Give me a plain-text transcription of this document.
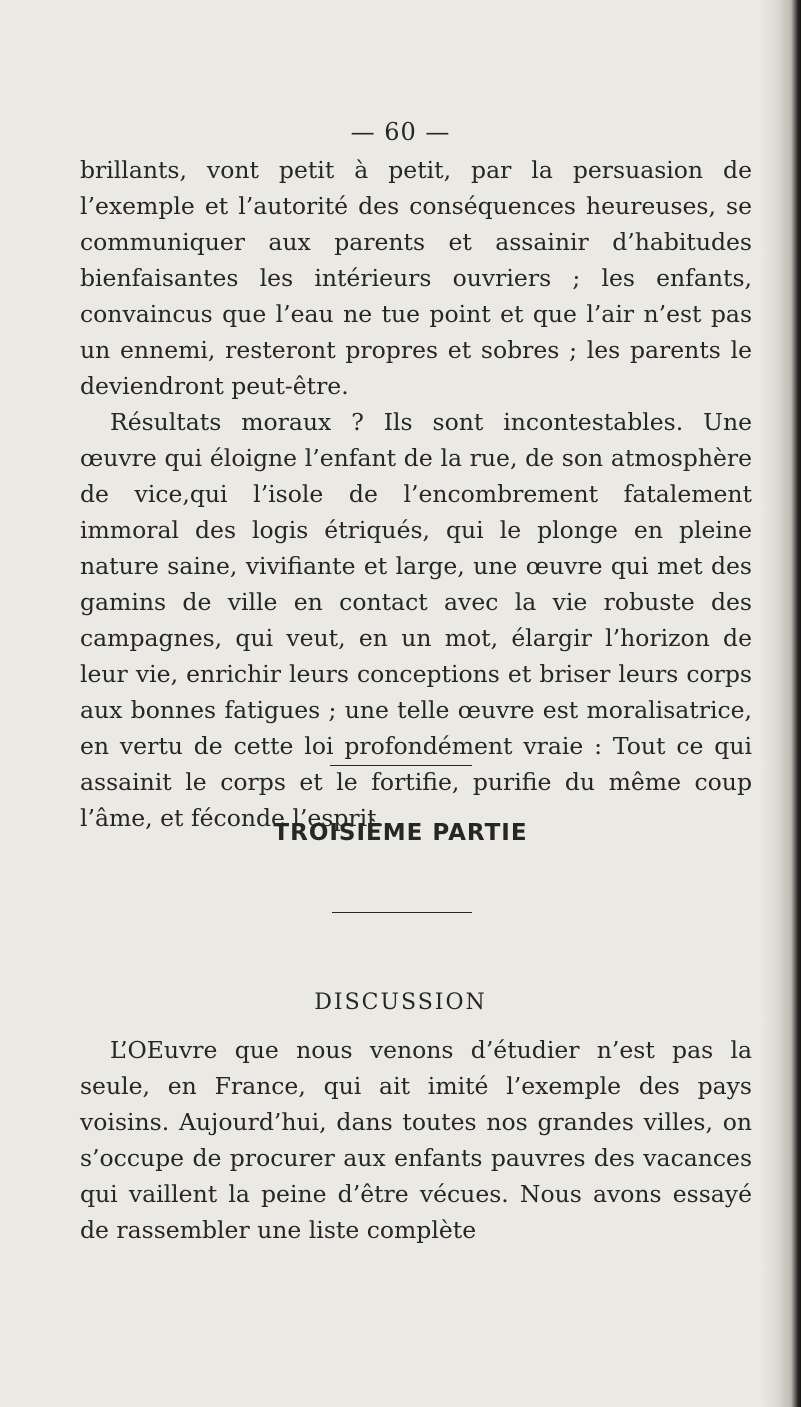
— 60 —

brillants, vont petit à petit, par la persuasion de l’exemple et l’autorité des conséquences heureuses, se communiquer aux parents et assainir d’habitudes bienfaisantes les intérieurs ouvriers ; les enfants, convaincus que l’eau ne tue point et que l’air n’est pas un ennemi, resteront propres et sobres ; les parents le deviendront peut-être.

Résultats moraux ? Ils sont incontestables. Une œuvre qui éloigne l’enfant de la rue, de son atmosphère de vice,qui l’isole de l’encombrement fatalement immoral des logis étriqués, qui le plonge en pleine nature saine, vivifiante et large, une œuvre qui met des gamins de ville en contact avec la vie robuste des campagnes, qui veut, en un mot, élargir l’horizon de leur vie, enrichir leurs conceptions et briser leurs corps aux bonnes fatigues ; une telle œuvre est moralisatrice, en vertu de cette loi profondément vraie : Tout ce qui assainit le corps et le fortifie, purifie du même coup l’âme, et féconde l’esprit.

TROISIÈME PARTIE
DISCUSSION

L’OEuvre que nous venons d’étudier n’est pas la seule, en France, qui ait imité l’exemple des pays voisins. Aujourd’hui, dans toutes nos grandes villes, on s’occupe de procurer aux enfants pauvres des vacances qui vaillent la peine d’être vécues. Nous avons essayé de rassembler une liste complète
